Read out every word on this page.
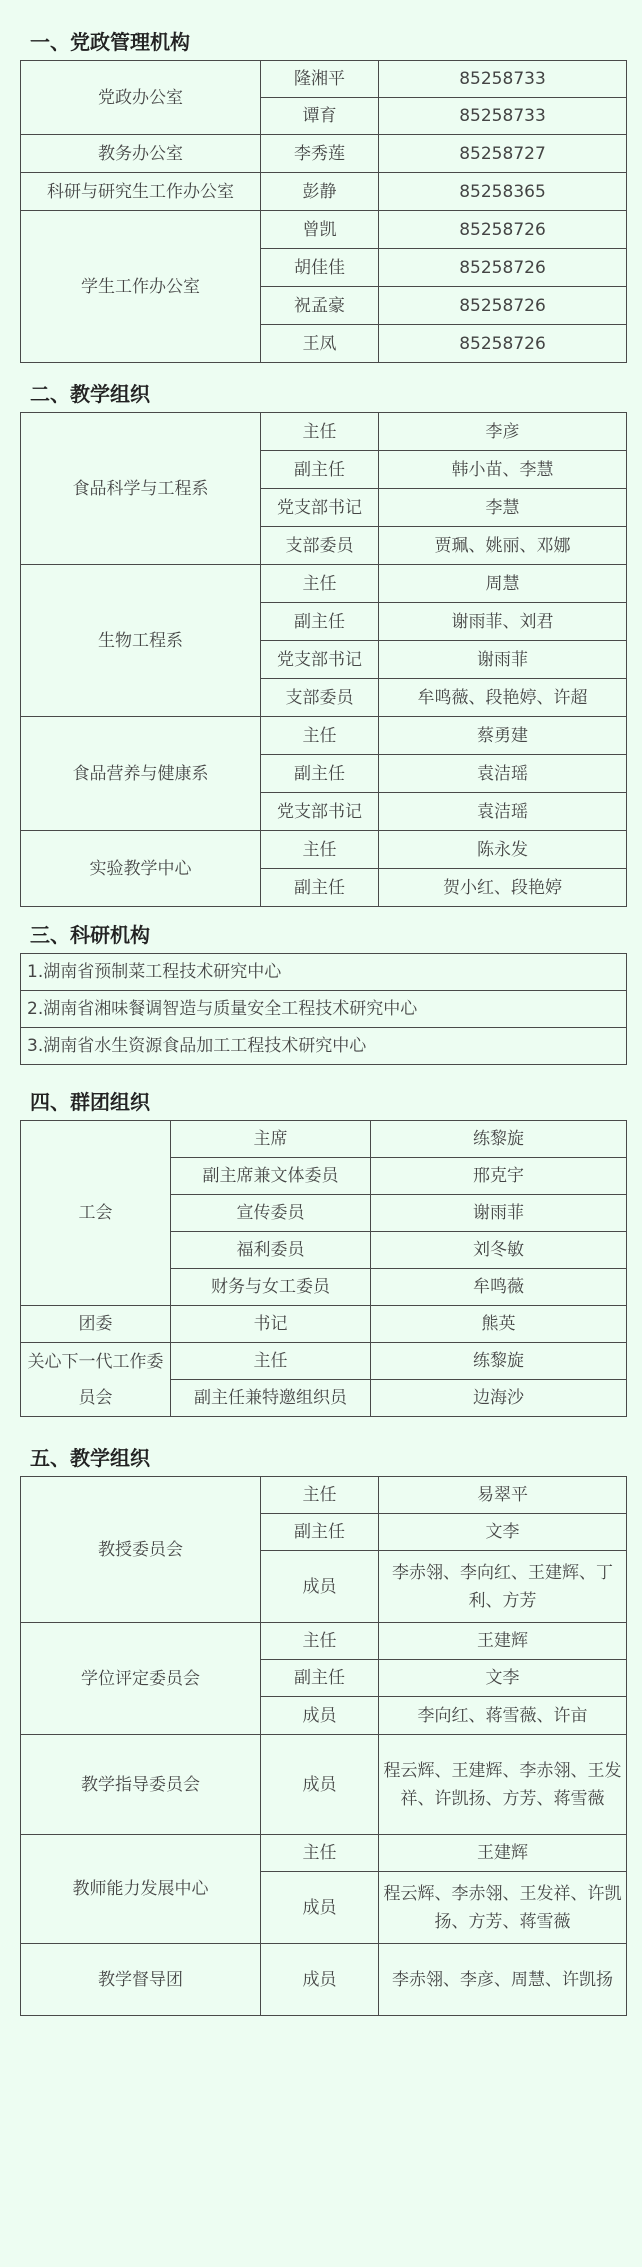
一、党政管理机构
党政办公室	隆湘平	85258733
	谭育	85258733
教务办公室	李秀莲	85258727
科研与研究生工作办公室	彭静	85258365
学生工作办公室	曾凯	85258726
	胡佳佳	85258726
	祝孟豪	85258726
	王凤	85258726
二、教学组织
食品科学与工程系	主任	李彦
	副主任	韩小苗、李慧
	党支部书记	李慧
	支部委员	贾珮、姚丽、邓娜
生物工程系	主任	周慧
	副主任	谢雨菲、刘君
	党支部书记	谢雨菲
	支部委员	牟鸣薇、段艳婷、许超
食品营养与健康系	主任	蔡勇建
	副主任	袁洁瑶
	党支部书记	袁洁瑶
实验教学中心	主任	陈永发
	副主任	贺小红、段艳婷
三、科研机构
1.湖南省预制菜工程技术研究中心
2.湖南省湘味餐调智造与质量安全工程技术研究中心
3.湖南省水生资源食品加工工程技术研究中心
四、群团组织
工会	主席	练黎旋
	副主席兼文体委员	邢克宇
	宣传委员	谢雨菲
	福利委员	刘冬敏
	财务与女工委员	牟鸣薇
团委	书记	熊英
关心下一代工作委员会	主任	练黎旋
	副主任兼特邀组织员	边海沙
五、教学组织
教授委员会	主任	易翠平
	副主任	文李
	成员	李赤翎、李向红、王建辉、丁利、方芳
学位评定委员会	主任	王建辉
	副主任	文李
	成员	李向红、蒋雪薇、许亩
教学指导委员会	成员	程云辉、王建辉、李赤翎、王发祥、许凯扬、方芳、蒋雪薇
教师能力发展中心	主任	王建辉
	成员	程云辉、李赤翎、王发祥、许凯扬、方芳、蒋雪薇
教学督导团	成员	李赤翎、李彦、周慧、许凯扬
